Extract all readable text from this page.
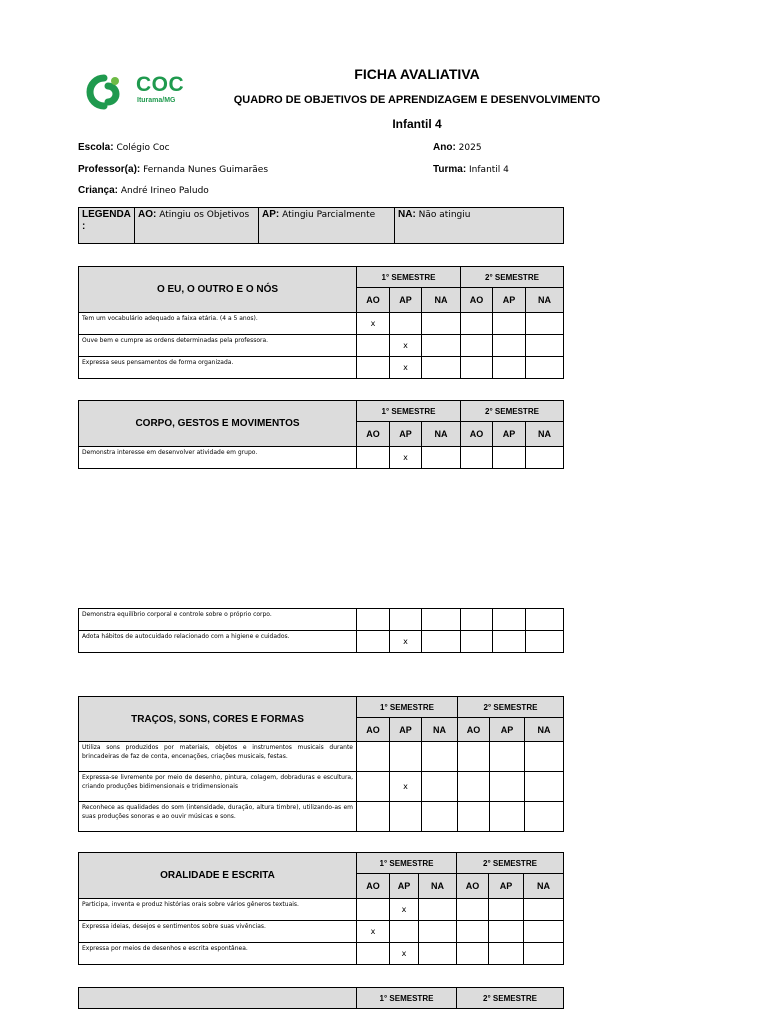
COC
Iturama/MG
FICHA AVALIATIVA
QUADRO DE OBJETIVOS DE APRENDIZAGEM E DESENVOLVIMENTO
Infantil 4
Escola: Colégio Coc	Ano: 2025
Professor(a): Fernanda Nunes Guimarães	Turma: Infantil 4
Criança: André Irineo Paludo
LEGENDA :	AO: Atingiu os Objetivos	AP: Atingiu Parcialmente	NA: Não atingiu
O EU, O OUTRO E O NÓS	1° SEMESTRE			2° SEMESTRE		
	AO	AP	NA	AO	AP	NA
Tem um vocabulário adequado a faixa etária. (4 a 5 anos).	x					
Ouve bem e cumpre as ordens determinadas pela professora.		x				
Expressa seus pensamentos de forma organizada.		x				
CORPO, GESTOS E MOVIMENTOS	1° SEMESTRE			2° SEMESTRE		
	AO	AP	NA	AO	AP	NA
Demonstra interesse em desenvolver atividade em grupo.		x				
Demonstra equilíbrio corporal e controle sobre o próprio corpo.						
Adota hábitos de autocuidado relacionado com a higiene e cuidados.		x				
TRAÇOS, SONS, CORES E FORMAS	1° SEMESTRE			2° SEMESTRE		
	AO	AP	NA	AO	AP	NA
Utiliza sons produzidos por materiais, objetos e instrumentos musicais durante brincadeiras de faz de conta, encenações, criações musicais, festas.						
Expressa-se livremente por meio de desenho, pintura, colagem, dobraduras e escultura, criando produções bidimensionais e tridimensionais		x				
Reconhece as qualidades do som (intensidade, duração, altura timbre), utilizando-as em suas produções sonoras e ao ouvir músicas e sons.						
ORALIDADE E ESCRITA	1° SEMESTRE			2° SEMESTRE		
	AO	AP	NA	AO	AP	NA
Participa, inventa e produz histórias orais sobre vários gêneros textuais.		x				
Expressa ideias, desejos e sentimentos sobre suas vivências.	x					
Expressa por meios de desenhos e escrita espontânea.		x				
	1° SEMESTRE	2° SEMESTRE
